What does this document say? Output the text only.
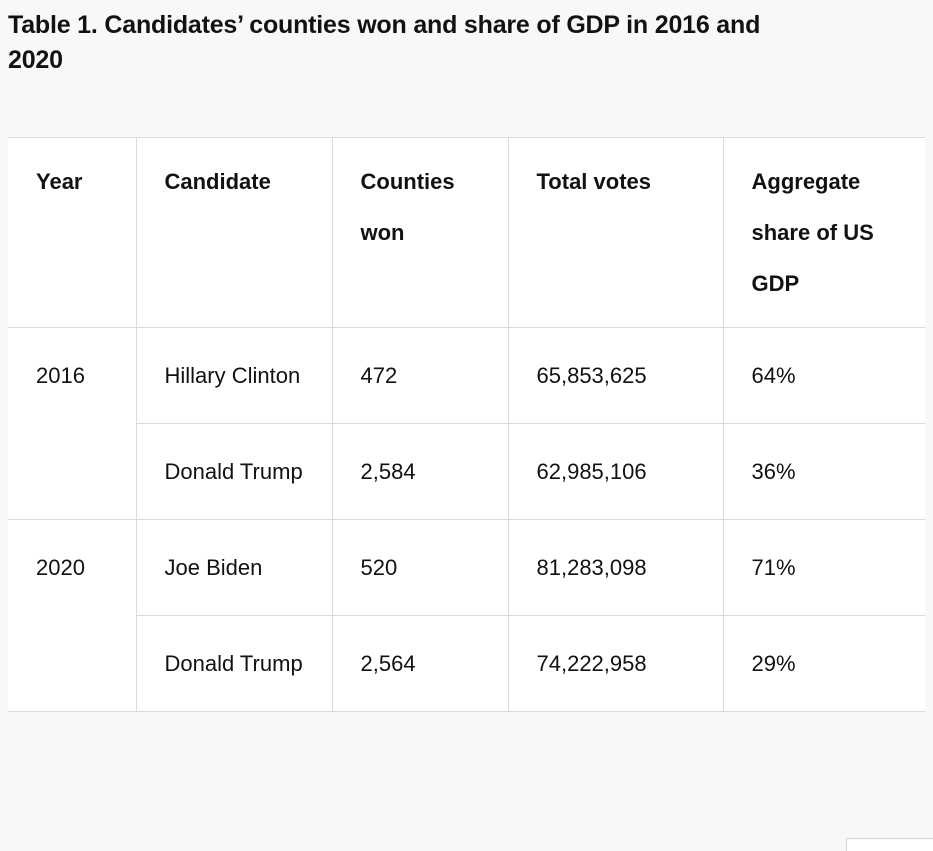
Table 1. Candidates’ counties won and share of GDP in 2016 and 2020
Year	Candidate	Counties won	Total votes	Aggregate share of US GDP
2016	Hillary Clinton	472	65,853,625	64%
	Donald Trump	2,584	62,985,106	36%
2020	Joe Biden	520	81,283,098	71%
	Donald Trump	2,564	74,222,958	29%
